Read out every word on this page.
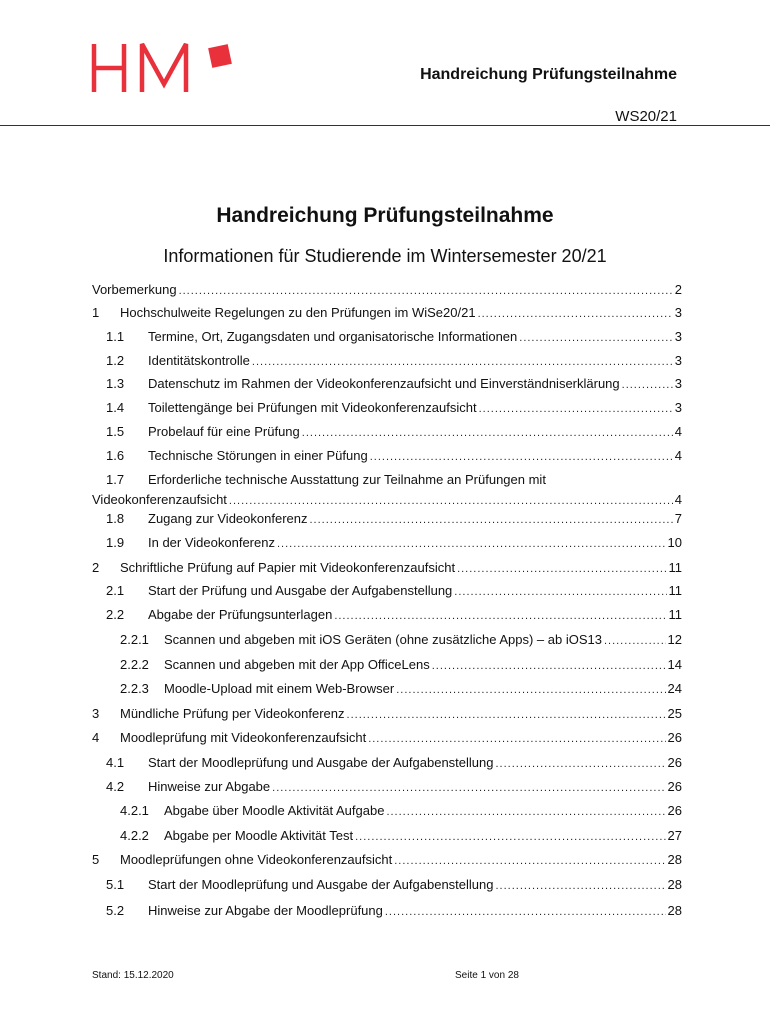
Handreichung Prüfungsteilnahme
WS20/21
Handreichung Prüfungsteilnahme
Informationen für Studierende im Wintersemester 20/21
Vorbemerkung .....	2
1	Hochschulweite Regelungen zu den Prüfungen im WiSe20/21 .....	3
1.1	Termine, Ort, Zugangsdaten und organisatorische Informationen .....	3
1.2	Identitätskontrolle .....	3
1.3	Datenschutz im Rahmen der Videokonferenzaufsicht und Einverständniserklärung .....	3
1.4	Toilettengänge bei Prüfungen mit Videokonferenzaufsicht .....	3
1.5	Probelauf für eine Prüfung .....	4
1.6	Technische Störungen in einer Püfung .....	4
1.7 Erforderliche technische Ausstattung zur Teilnahme an Prüfungen mit
Videokonferenzaufsicht .....	4
1.8	Zugang zur Videokonferenz .....	7
1.9	In der Videokonferenz .....	10
2	Schriftliche Prüfung auf Papier mit Videokonferenzaufsicht .....	11
2.1	Start der Prüfung und Ausgabe der Aufgabenstellung .....	11
2.2	Abgabe der Prüfungsunterlagen .....	11
2.2.1	Scannen und abgeben mit iOS Geräten (ohne zusätzliche Apps) – ab iOS13 .....	12
2.2.2	Scannen und abgeben mit der App OfficeLens .....	14
2.2.3	Moodle-Upload mit einem Web-Browser .....	24
3	Mündliche Prüfung per Videokonferenz .....	25
4	Moodleprüfung mit Videokonferenzaufsicht .....	26
4.1	Start der Moodleprüfung und Ausgabe der Aufgabenstellung .....	26
4.2	Hinweise zur Abgabe .....	26
4.2.1	Abgabe über Moodle Aktivität Aufgabe .....	26
4.2.2	Abgabe per Moodle Aktivität Test .....	27
5	Moodleprüfungen ohne Videokonferenzaufsicht .....	28
5.1	Start der Moodleprüfung und Ausgabe der Aufgabenstellung .....	28
5.2	Hinweise zur Abgabe der Moodleprüfung .....	28
Stand: 15.12.2020	Seite 1 von 28
